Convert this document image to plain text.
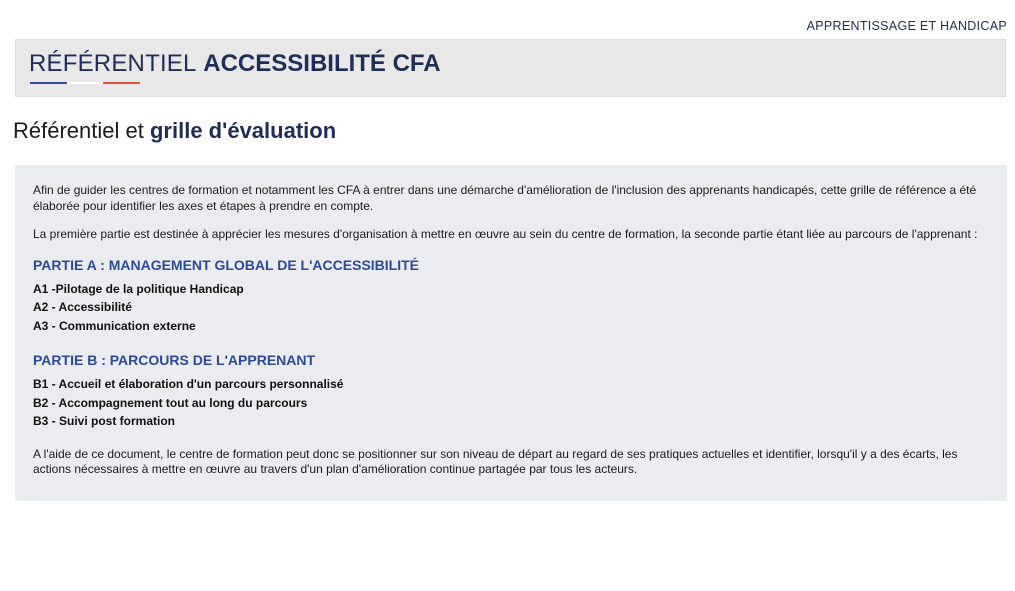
APPRENTISSAGE ET HANDICAP
RÉFÉRENTIEL ACCESSIBILITÉ CFA
Référentiel et grille d'évaluation

Afin de guider les centres de formation et notamment les CFA à entrer dans une démarche d'amélioration de l'inclusion des apprenants handicapés, cette grille de référence a été élaborée pour identifier les axes et étapes à prendre en compte.

La première partie est destinée à apprécier les mesures d'organisation à mettre en œuvre au sein du centre de formation, la seconde partie étant liée au parcours de l'apprenant :

PARTIE A : MANAGEMENT GLOBAL DE L'ACCESSIBILITÉ
A1 -Pilotage de la politique Handicap
A2 - Accessibilité
A3 - Communication externe
PARTIE B : PARCOURS DE L'APPRENANT
B1 - Accueil et élaboration d'un parcours personnalisé
B2 - Accompagnement tout au long du parcours
B3 - Suivi post formation

A l'aide de ce document, le centre de formation peut donc se positionner sur son niveau de départ au regard de ses pratiques actuelles et identifier, lorsqu'il y a des écarts, les actions nécessaires à mettre en œuvre au travers d'un plan d'amélioration continue partagée par tous les acteurs.
